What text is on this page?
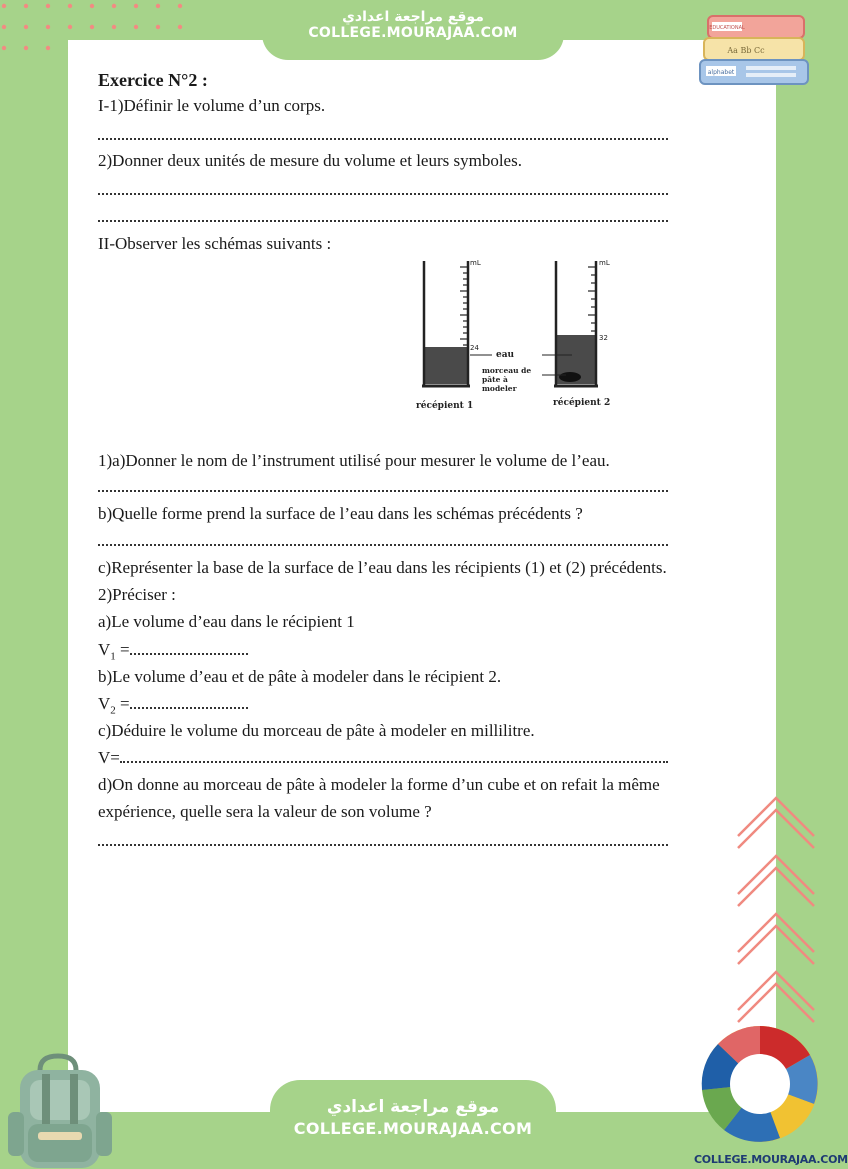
موقع مراجعة اعدادي
COLLEGE.MOURAJAA.COM	EDUCATIONAL
Aa Bb Cc
alphabet
Exercice N°2 :
I-1)Définir le volume d’un corps.
2)Donner deux unités de mesure du volume et leurs symboles.
II-Observer les schémas suivants :
1)a)Donner le nom de l’instrument utilisé pour mesurer le volume de l’eau.
b)Quelle forme prend la surface de l’eau dans les schémas précédents ?
c)Représenter la base de la surface de l’eau dans les récipients (1) et (2) précédents.
2)Préciser :
a)Le volume d’eau dans le récipient 1
$V_1$ =
b)Le volume d’eau et de pâte à modeler dans le récipient 2.
$V_2$ =
c)Déduire le volume du morceau de pâte à modeler en millilitre.
V=
d)On donne au morceau de pâte à modeler la forme d’un cube et on refait la même
expérience, quelle sera la valeur de son volume ?
mL
24
récépient 1
mL
32
récépient 2
eau
morceau de
pâte à
modeler
موقع مراجعة اعدادي
COLLEGE.MOURAJAA.COM
COLLEGE.MOURAJAA.COM
